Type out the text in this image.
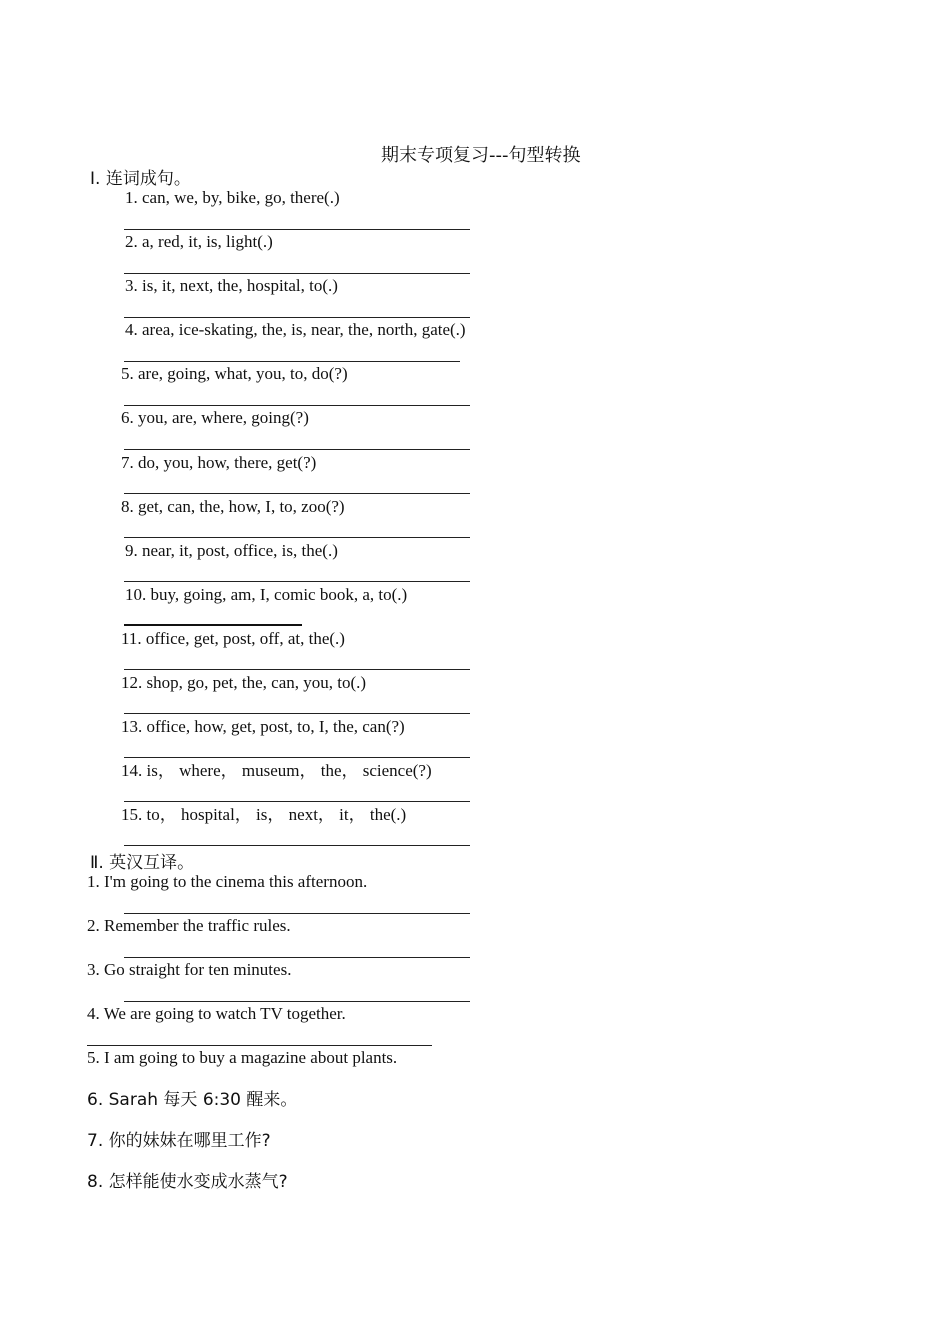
期末专项复习---句型转换
Ⅰ. 连词成句。
1. can, we, by, bike, go, there(.)
2. a, red, it, is, light(.)
3. is, it, next, the, hospital, to(.)
4. area, ice-skating, the, is, near, the, north, gate(.)
5. are, going, what, you, to, do(?)
6. you, are, where, going(?)
7. do, you, how, there, get(?)
8. get, can, the, how, I, to, zoo(?)
9. near, it, post, office, is, the(.)
10. buy, going, am, I, comic book, a, to(.)
11. office, get, post, off, at, the(.)
12. shop, go, pet, the, can, you, to(.)
13. office, how, get, post, to, I, the, can(?)
14. is， where， museum， the， science(?)
15. to， hospital， is， next， it， the(.)
Ⅱ. 英汉互译。
1. I'm going to the cinema this afternoon.
2. Remember the traffic rules.
3. Go straight for ten minutes.
4. We are going to watch TV together.
5. I am going to buy a magazine about plants.
6. Sarah 每天 6:30 醒来。
7. 你的妹妹在哪里工作?
8. 怎样能使水变成水蒸气?
